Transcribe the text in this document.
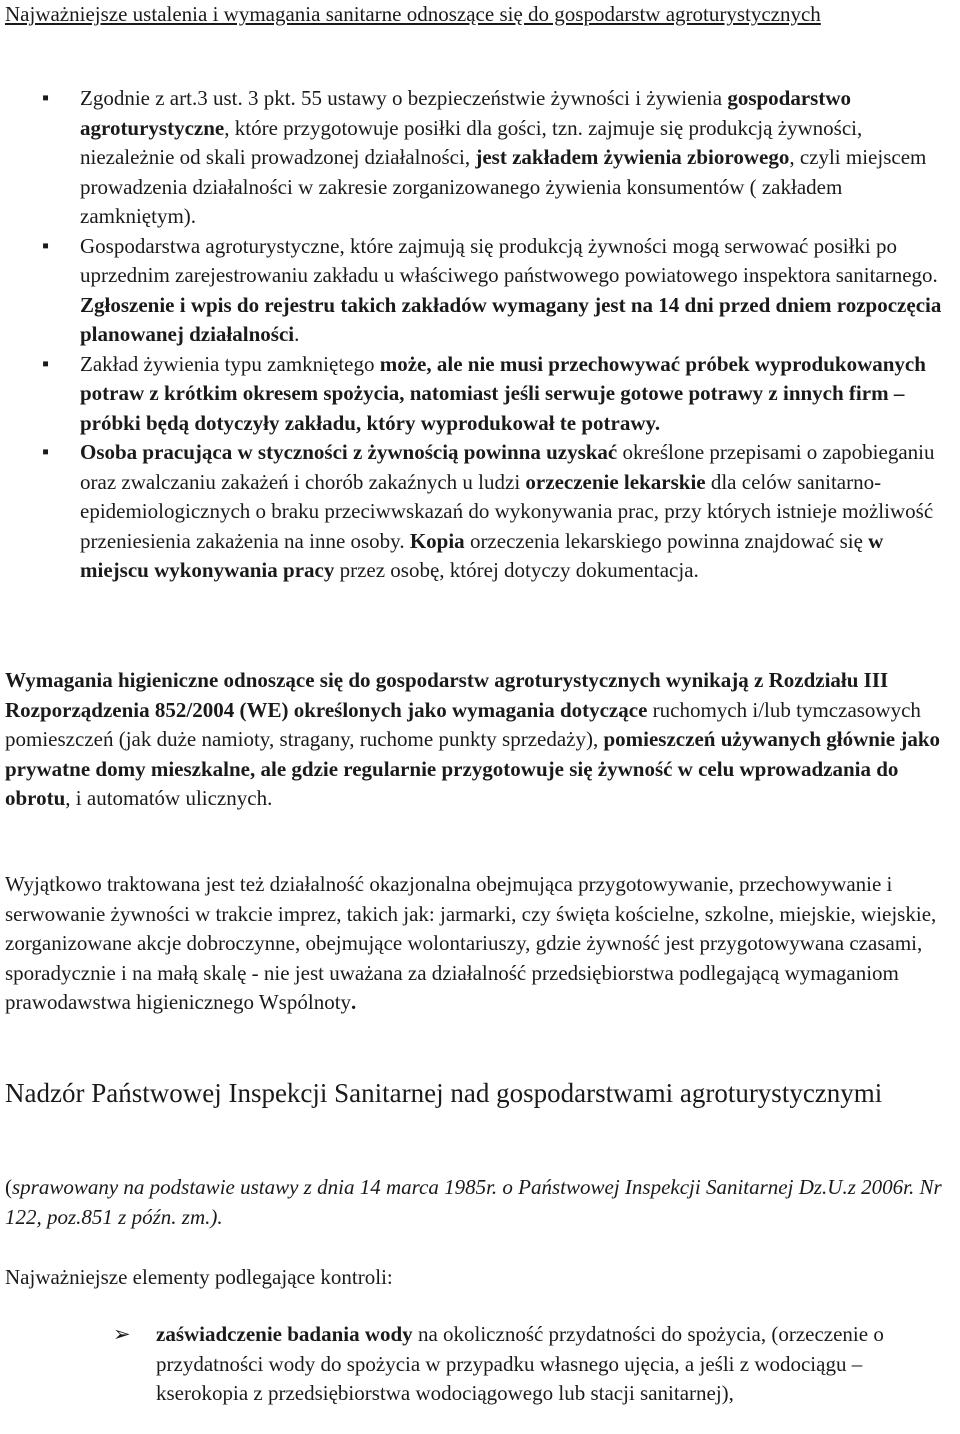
Najważniejsze ustalenia i wymagania sanitarne odnoszące się do gospodarstw agroturystycznych
▪
Zgodnie z art.3 ust. 3 pkt. 55 ustawy o bezpieczeństwie żywności i żywienia gospodarstwo agroturystyczne, które przygotowuje posiłki dla gości, tzn. zajmuje się produkcją żywności, niezależnie od skali prowadzonej działalności, jest zakładem żywienia zbiorowego, czyli miejscem prowadzenia działalności w zakresie zorganizowanego żywienia konsumentów ( zakładem zamkniętym).
▪
Gospodarstwa agroturystyczne, które zajmują się produkcją żywności mogą serwować posiłki po uprzednim zarejestrowaniu zakładu u właściwego państwowego powiatowego inspektora sanitarnego. Zgłoszenie i wpis do rejestru takich zakładów wymagany jest na 14 dni przed dniem rozpoczęcia planowanej działalności.
▪
Zakład żywienia typu zamkniętego może, ale nie musi przechowywać próbek wyprodukowanych potraw z krótkim okresem spożycia, natomiast jeśli serwuje gotowe potrawy z innych firm – próbki będą dotyczyły zakładu, który wyprodukował te potrawy.
▪
Osoba pracująca w styczności z żywnością powinna uzyskać określone przepisami o zapobieganiu oraz zwalczaniu zakażeń i chorób zakaźnych u ludzi orzeczenie lekarskie dla celów sanitarno-epidemiologicznych o braku przeciwwskazań do wykonywania prac, przy których istnieje możliwość przeniesienia zakażenia na inne osoby. Kopia orzeczenia lekarskiego powinna znajdować się w miejscu wykonywania pracy przez osobę, której dotyczy dokumentacja.

Wymagania higieniczne odnoszące się do gospodarstw agroturystycznych wynikają z Rozdziału III Rozporządzenia 852/2004 (WE) określonych jako wymagania dotyczące ruchomych i/lub tymczasowych pomieszczeń (jak duże namioty, stragany, ruchome punkty sprzedaży), pomieszczeń używanych głównie jako prywatne domy mieszkalne, ale gdzie regularnie przygotowuje się żywność w celu wprowadzania do obrotu, i automatów ulicznych.

Wyjątkowo traktowana jest też działalność okazjonalna obejmująca przygotowywanie, przechowywanie i serwowanie żywności w trakcie imprez, takich jak: jarmarki, czy święta kościelne, szkolne, miejskie, wiejskie, zorganizowane akcje dobroczynne, obejmujące wolontariuszy, gdzie żywność jest przygotowywana czasami, sporadycznie i na małą skalę - nie jest uważana za działalność przedsiębiorstwa podlegającą wymaganiom prawodawstwa higienicznego Wspólnoty.

Nadzór Państwowej Inspekcji Sanitarnej nad gospodarstwami agroturystycznymi

(sprawowany na podstawie ustawy z dnia 14 marca 1985r. o Państwowej Inspekcji Sanitarnej Dz.U.z 2006r. Nr 122, poz.851 z późn. zm.).

Najważniejsze elementy podlegające kontroli:

➢ zaświadczenie badania wody na okoliczność przydatności do spożycia, (orzeczenie o przydatności wody do spożycia w przypadku własnego ujęcia, a jeśli z wodociągu – kserokopia z przedsiębiorstwa wodociągowego lub stacji sanitarnej),
